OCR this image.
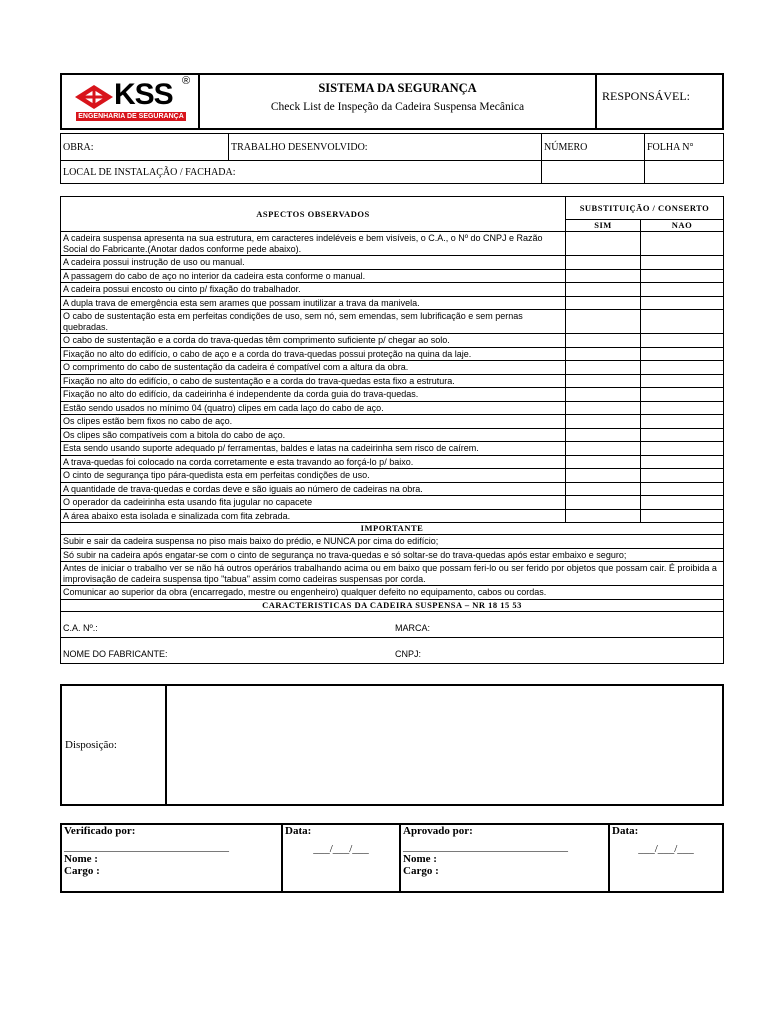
KSS ®
ENGENHARIA DE SEGURANÇA
SISTEMA DA SEGURANÇA
Check List de Inspeção da Cadeira Suspensa Mecânica
RESPONSÁVEL:
OBRA:	TRABALHO DESENVOLVIDO:	NÚMERO	FOLHA N°
LOCAL DE INSTALAÇÃO / FACHADA:			
ASPECTOS OBSERVADOS	SUBSTITUIÇÃO / CONSERTO	
	SIM	NAO
A cadeira suspensa apresenta na sua estrutura, em caracteres indeléveis e bem visíveis, o C.A., o Nº do CNPJ e Razão Social do Fabricante.(Anotar dados conforme pede abaixo).		
A cadeira possui instrução de uso ou manual.		
A passagem do cabo de aço no interior da cadeira esta conforme o manual.		
A cadeira possui encosto ou cinto p/ fixação do trabalhador.		
A dupla trava de emergência esta sem arames que possam inutilizar a trava da manivela.		
O cabo de sustentação esta em perfeitas condições de uso, sem nó, sem emendas, sem lubrificação e sem pernas quebradas.		
O cabo de sustentação e a corda do trava-quedas têm comprimento suficiente p/ chegar ao solo.		
Fixação no alto do edifício, o cabo de aço e a corda do trava-quedas possui proteção na quina da laje.		
O comprimento do cabo de sustentação da cadeira é compatível com a altura da obra.		
Fixação no alto do edifício, o cabo de sustentação e a corda do trava-quedas esta fixo a estrutura.		
Fixação no alto do edifício, da cadeirinha é independente da corda guia do trava-quedas.		
Estão sendo usados no mínimo 04 (quatro) clipes em cada laço do cabo de aço.		
Os clipes estão bem fixos no cabo de aço.		
Os clipes são compatíveis com a bitola do cabo de aço.		
Esta sendo usando suporte adequado p/ ferramentas, baldes e latas na cadeirinha sem risco de caírem.		
A trava-quedas foi colocado na corda corretamente e esta travando ao forçá-lo p/ baixo.		
O cinto de segurança tipo pára-quedista esta em perfeitas condições de uso.		
A quantidade de trava-quedas e cordas deve e são iguais ao número de cadeiras na obra.		
O operador da cadeirinha esta usando fita jugular no capacete		
A área abaixo esta isolada e sinalizada com fita zebrada.		
IMPORTANTE		
Subir e sair da cadeira suspensa no piso mais baixo do prédio, e NUNCA por cima do edifício;		
Só subir na cadeira após engatar-se com o cinto de segurança no trava-quedas e só soltar-se do trava-quedas após estar embaixo e seguro;		
Antes de iniciar o trabalho ver se não há outros operários trabalhando acima ou em baixo que possam feri-lo ou ser ferido por objetos que possam cair. É proibida a improvisação de cadeira suspensa tipo "tabua" assim como cadeiras suspensas por corda.		
Comunicar ao superior da obra (encarregado, mestre ou engenheiro) qualquer defeito no equipamento, cabos ou cordas.		
CARACTERISTICAS DA CADEIRA SUSPENSA – NR 18 15 53		
C.A. Nº.: MARCA:		
NOME DO FABRICANTE: CNPJ:		
Disposição:
Verificado por:
_________________________________
Nome :
Cargo :

Data:
___/___/___

Aprovado por:
_________________________________
Nome :
Cargo :

Data:
___/___/___
